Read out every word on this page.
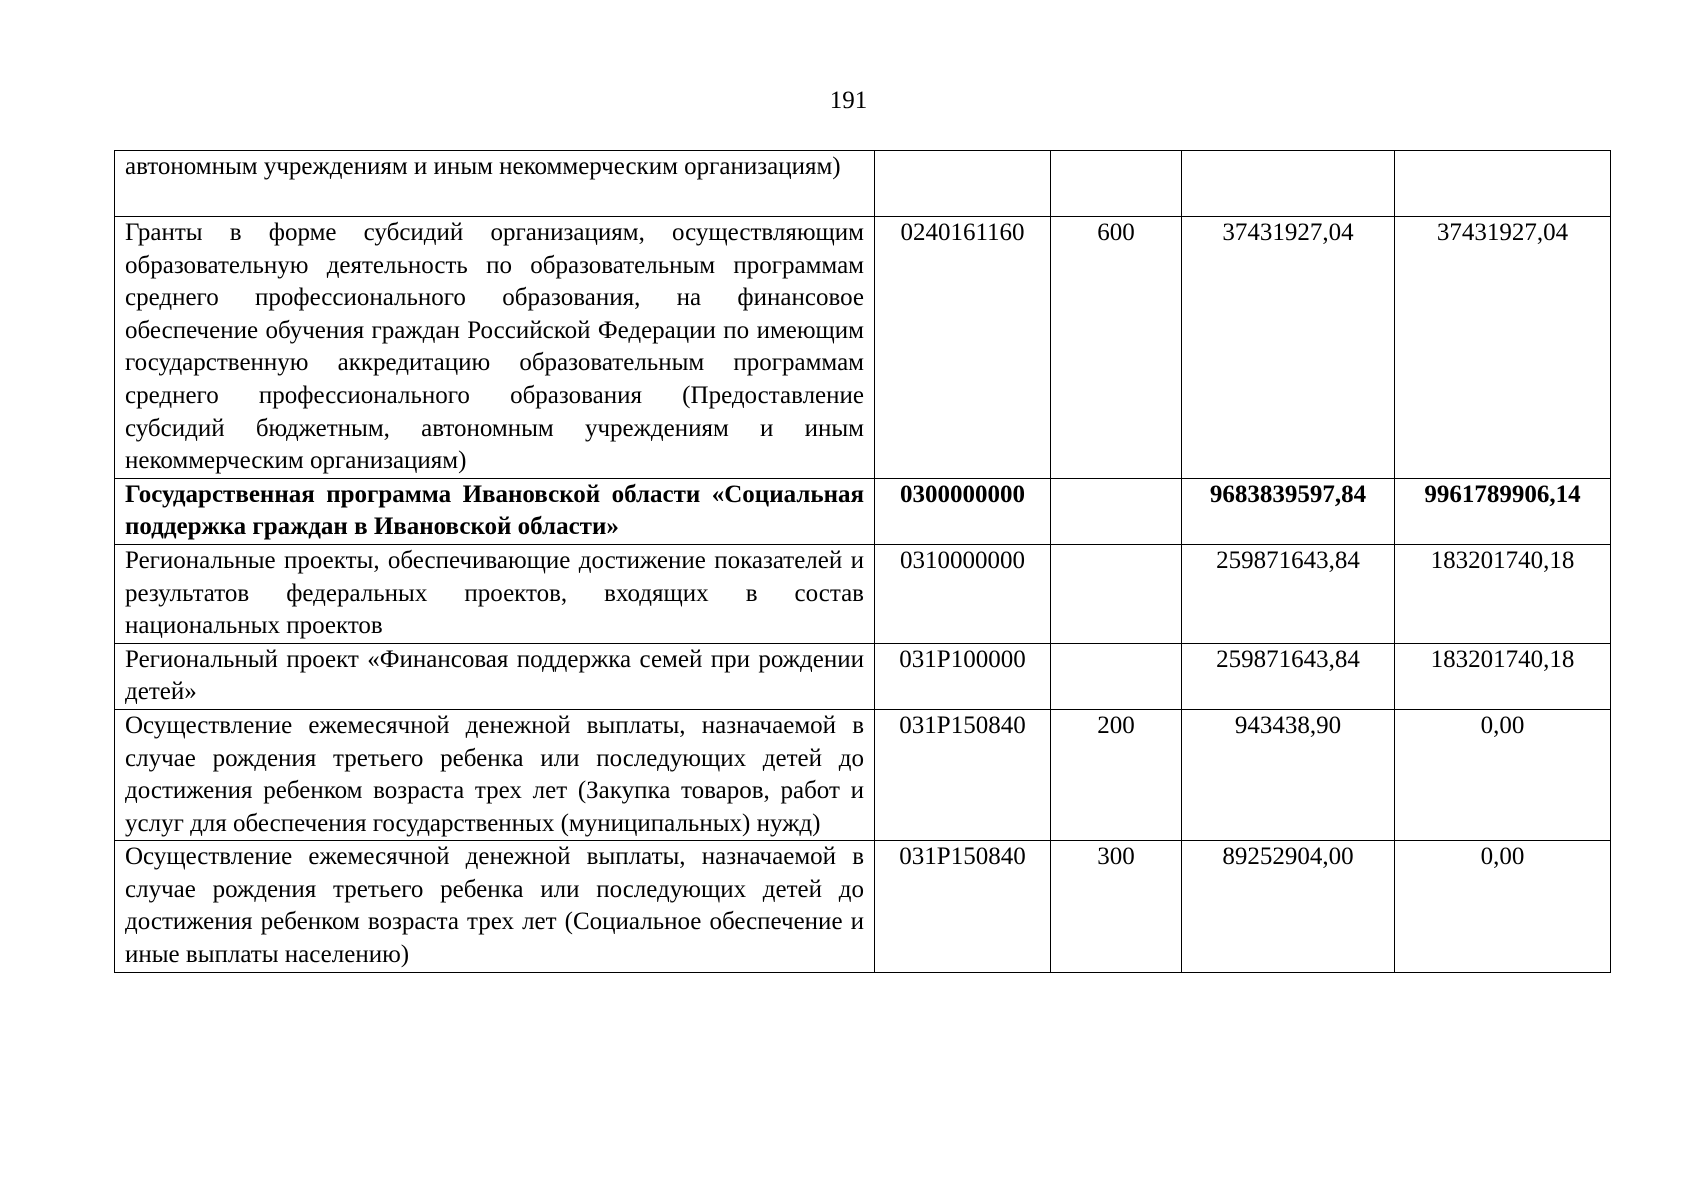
191
автономным учреждениям и иным некоммерческим организациям)				
Гранты в форме субсидий организациям, осуществляющим образовательную деятельность по образовательным программам среднего профессионального образования, на финансовое обеспечение обучения граждан Российской Федерации по имеющим государственную аккредитацию образовательным программам среднего профессионального образования (Предоставление субсидий бюджетным, автономным учреждениям и иным некоммерческим организациям)	0240161160	600	37431927,04	37431927,04
Государственная программа Ивановской области «Социальная поддержка граждан в Ивановской области»	0300000000		9683839597,84	9961789906,14
Региональные проекты, обеспечивающие достижение показателей и результатов федеральных проектов, входящих в состав национальных проектов	0310000000		259871643,84	183201740,18
Региональный проект «Финансовая поддержка семей при рождении детей»	031P100000		259871643,84	183201740,18
Осуществление ежемесячной денежной выплаты, назначаемой в случае рождения третьего ребенка или последующих детей до достижения ребенком возраста трех лет (Закупка товаров, работ и услуг для обеспечения государственных (муниципальных) нужд)	031P150840	200	943438,90	0,00
Осуществление ежемесячной денежной выплаты, назначаемой в случае рождения третьего ребенка или последующих детей до достижения ребенком возраста трех лет (Социальное обеспечение и иные выплаты населению)	031P150840	300	89252904,00	0,00
